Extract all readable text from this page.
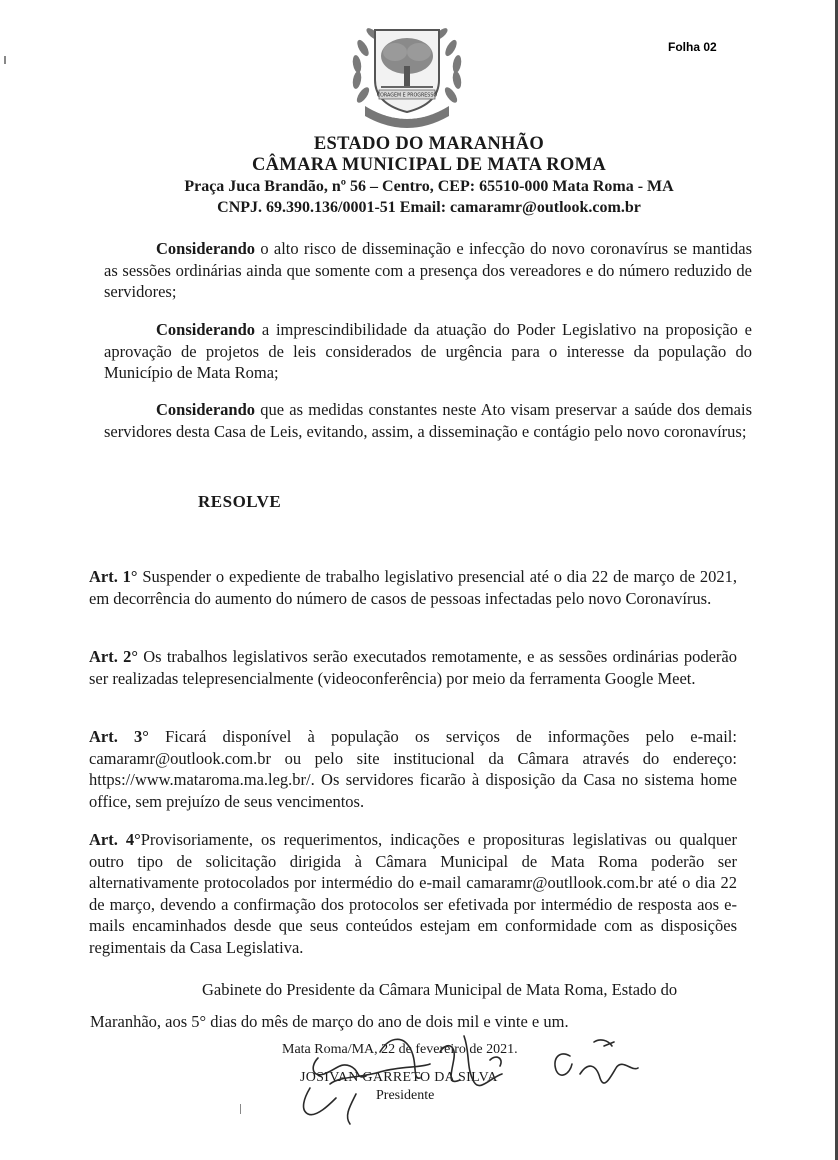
Folha 02
CORAGEM E PROGRESSO
MATA ROMA - MARANHÃO
ESTADO DO MARANHÃO
CÂMARA MUNICIPAL DE MATA ROMA
Praça Juca Brandão, nº 56 – Centro, CEP: 65510-000 Mata Roma - MA
CNPJ. 69.390.136/0001-51 Email: camaramr@outlook.com.br
Considerando o alto risco de disseminação e infecção do novo coronavírus se mantidas as sessões ordinárias ainda que somente com a presença dos vereadores e do número reduzido de servidores;
Considerando a imprescindibilidade da atuação do Poder Legislativo na proposição e aprovação de projetos de leis considerados de urgência para o interesse da população do Município de Mata Roma;
Considerando que as medidas constantes neste Ato visam preservar a saúde dos demais servidores desta Casa de Leis, evitando, assim, a disseminação e contágio pelo novo coronavírus;
RESOLVE
Art. 1° Suspender o expediente de trabalho legislativo presencial até o dia 22 de março de 2021, em decorrência do aumento do número de casos de pessoas infectadas pelo novo Coronavírus.
Art. 2° Os trabalhos legislativos serão executados remotamente, e as sessões ordinárias poderão ser realizadas telepresencialmente (videoconferência) por meio da ferramenta Google Meet.
Art. 3° Ficará disponível à população os serviços de informações pelo e-mail: camaramr@outlook.com.br ou pelo site institucional da Câmara através do endereço: https://www.mataroma.ma.leg.br/. Os servidores ficarão à disposição da Casa no sistema home office, sem prejuízo de seus vencimentos.
Art. 4°Provisoriamente, os requerimentos, indicações e proposituras legislativas ou qualquer outro tipo de solicitação dirigida à Câmara Municipal de Mata Roma poderão ser alternativamente protocolados por intermédio do e-mail camaramr@outllook.com.br até o dia 22 de março, devendo a confirmação dos protocolos ser efetivada por intermédio de resposta aos e-mails encaminhados desde que seus conteúdos estejam em conformidade com as disposições regimentais da Casa Legislativa.
Gabinete do Presidente da Câmara Municipal de Mata Roma, Estado do
Maranhão, aos 5° dias do mês de março do ano de dois mil e vinte e um.
Mata Roma/MA, 22 de fevereiro de 2021.
JOSIVAN GARRETO DA SILVA
Presidente
